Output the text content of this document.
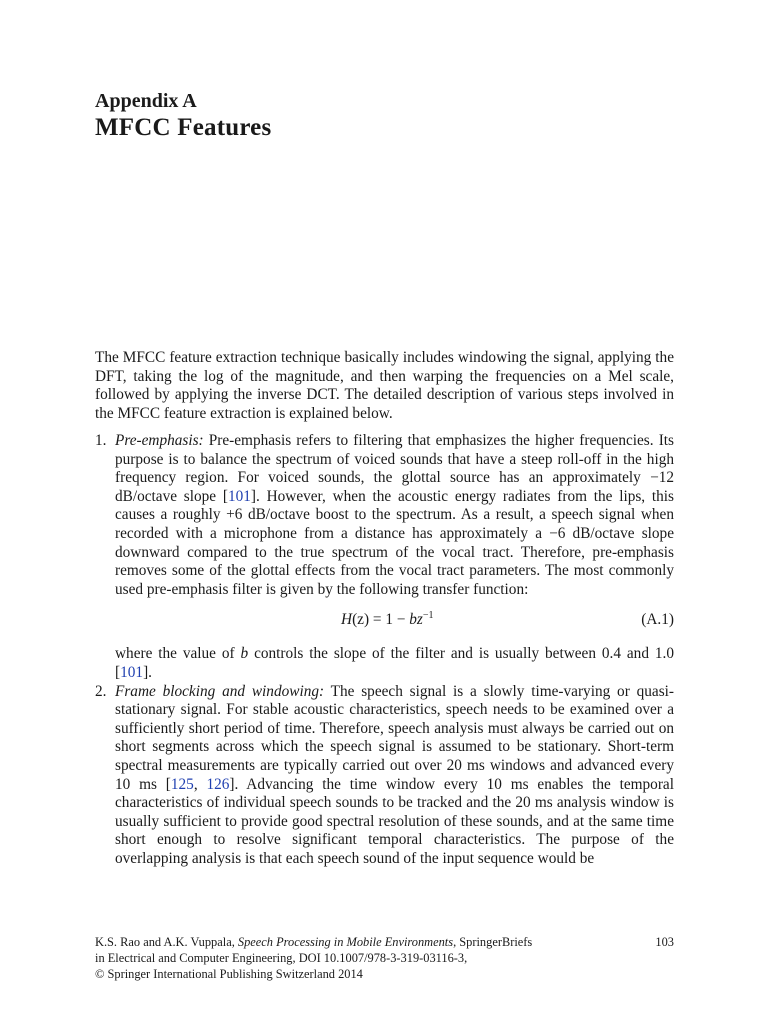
Appendix A
MFCC Features

The MFCC feature extraction technique basically includes windowing the signal, applying the DFT, taking the log of the magnitude, and then warping the frequencies on a Mel scale, followed by applying the inverse DCT. The detailed description of various steps involved in the MFCC feature extraction is explained below.

1. Pre-emphasis: Pre-emphasis refers to filtering that emphasizes the higher frequencies. Its purpose is to balance the spectrum of voiced sounds that have a steep roll-off in the high frequency region. For voiced sounds, the glottal source has an approximately −12 dB/octave slope [101]. However, when the acoustic energy radiates from the lips, this causes a roughly +6 dB/octave boost to the spectrum. As a result, a speech signal when recorded with a microphone from a distance has approximately a −6 dB/octave slope downward compared to the true spectrum of the vocal tract. Therefore, pre-emphasis removes some of the glottal effects from the vocal tract parameters. The most commonly used pre-emphasis filter is given by the following transfer function:
$H(z) = 1 - bz^{-1}$	(A.1)
where the value of b controls the slope of the filter and is usually between 0.4 and 1.0 [101].
2. Frame blocking and windowing: The speech signal is a slowly time-varying or quasi-stationary signal. For stable acoustic characteristics, speech needs to be examined over a sufficiently short period of time. Therefore, speech analysis must always be carried out on short segments across which the speech signal is assumed to be stationary. Short-term spectral measurements are typically carried out over 20 ms windows and advanced every 10 ms [125, 126]. Advancing the time window every 10 ms enables the temporal characteristics of individual speech sounds to be tracked and the 20 ms analysis window is usually sufficient to provide good spectral resolution of these sounds, and at the same time short enough to resolve significant temporal characteristics. The purpose of the overlapping analysis is that each speech sound of the input sequence would be
K.S. Rao and A.K. Vuppala, Speech Processing in Mobile Environments, SpringerBriefs	103
in Electrical and Computer Engineering, DOI 10.1007/978-3-319-03116-3,
© Springer International Publishing Switzerland 2014
